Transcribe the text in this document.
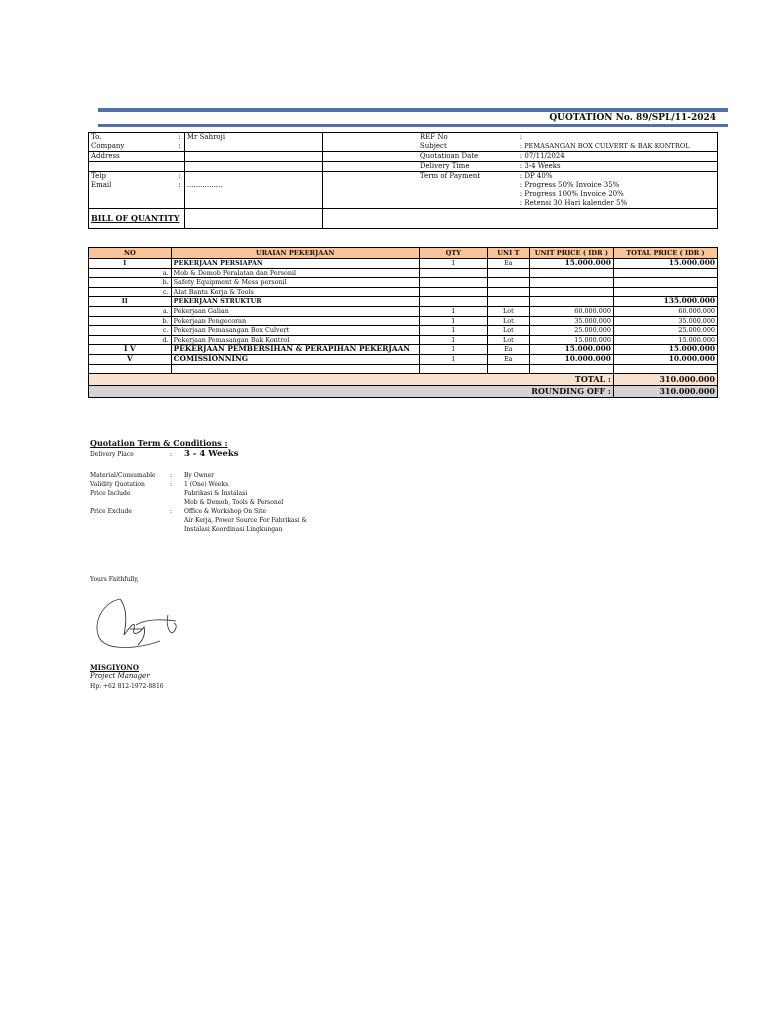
QUOTATION No. 89/SPL/11-2024
To.	:	Mr Sahroji		REF No	:
Company	:			Subject	: PEMASANGAN BOX CULVERT & BAK KONTROL
Address				Quotatioan Date	: 07/11/2024
				Delivery Time	: 3-4 Weeks
Telp	:			Term of Payment	: DP 40%
Email	:	................			: Progress 50% Invoice 35%
					: Progress 100% Invoice 20%
					: Retensi 30 Hari kalender 5%
BILL OF QUANTITY					
NO		URAIAN PEKERJAAN	QTY	UNI T	UNIT PRICE ( IDR )	TOTAL PRICE ( IDR )
I		PEKERJAAN PERSIAPAN	1	Ea	15.000.000	15.000.000
	a.	Mob & Demob Peralatan dan Personil				
	b.	Safety Equipment & Mess personil				
	c.	Alat Bantu Kerja & Tools				
II		PEKERJAAN STRUKTUR				135.000.000
	a.	Pekerjaan Galian	1	Lot	60.000.000	60.000.000
	b.	Pekerjaan Pengecoran	1	Lot	35.000.000	35.000.000
	c.	Pekerjaan Pemasangan Box Culvert	1	Lot	25.000.000	25.000.000
	d.	Pekerjaan Pemasangan Bak Kontrol	1	Lot	15.000.000	15.000.000
I V		PEKERJAAN PEMBERSIHAN & PERAPIHAN PEKERJAAN	1	Ea	15.000.000	15.000.000
V		COMISSIONNING	1	Ea	10.000.000	10.000.000

TOTAL :						310.000.000
ROUNDING OFF :						310.000.000
Quotation Term & Conditions :
Delivery Place	:	3 - 4 Weeks
Material/Consumable	:	By Owner
Validity Quotation	:	1 (One) Weeks
Price Include	Fabrikasi & Instalasi
Mob & Demob, Tools & Personel
Price Exclude	:	Office & Workshop On Site
Air Kerja, Power Source For Fabrikasi &
Instalasi Koordinasi Lingkungan
Yours Faithfully,
MISGIYONO
Project Manager
Hp: +62 812-1972-8816
